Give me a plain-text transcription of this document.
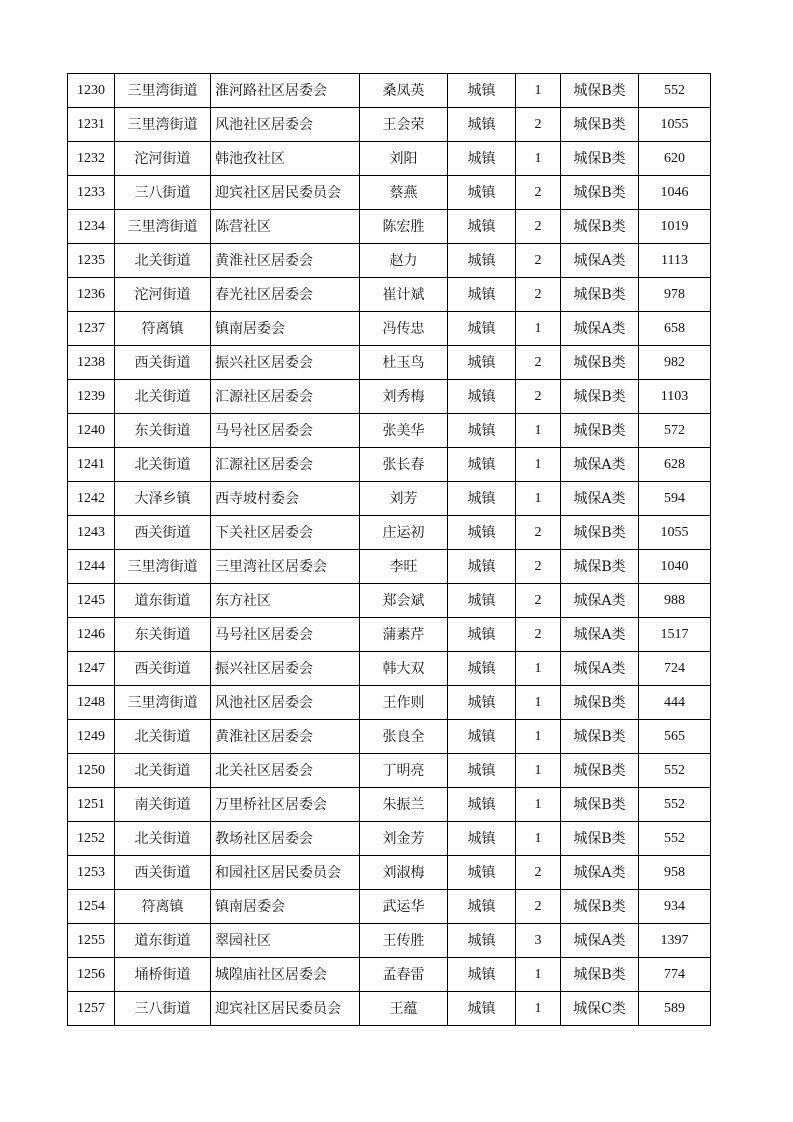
1230	三里湾街道	淮河路社区居委会	桑凤英	城镇	1	城保B类	552
1231	三里湾街道	风池社区居委会	王会荣	城镇	2	城保B类	1055
1232	沱河街道	韩池孜社区	刘阳	城镇	1	城保B类	620
1233	三八街道	迎宾社区居民委员会	蔡燕	城镇	2	城保B类	1046
1234	三里湾街道	陈营社区	陈宏胜	城镇	2	城保B类	1019
1235	北关街道	黄淮社区居委会	赵力	城镇	2	城保A类	1113
1236	沱河街道	春光社区居委会	崔计斌	城镇	2	城保B类	978
1237	符离镇	镇南居委会	冯传忠	城镇	1	城保A类	658
1238	西关街道	振兴社区居委会	杜玉鸟	城镇	2	城保B类	982
1239	北关街道	汇源社区居委会	刘秀梅	城镇	2	城保B类	1103
1240	东关街道	马号社区居委会	张美华	城镇	1	城保B类	572
1241	北关街道	汇源社区居委会	张长春	城镇	1	城保A类	628
1242	大泽乡镇	西寺坡村委会	刘芳	城镇	1	城保A类	594
1243	西关街道	下关社区居委会	庄运初	城镇	2	城保B类	1055
1244	三里湾街道	三里湾社区居委会	李旺	城镇	2	城保B类	1040
1245	道东街道	东方社区	郑会斌	城镇	2	城保A类	988
1246	东关街道	马号社区居委会	蒲素芹	城镇	2	城保A类	1517
1247	西关街道	振兴社区居委会	韩大双	城镇	1	城保A类	724
1248	三里湾街道	风池社区居委会	王作则	城镇	1	城保B类	444
1249	北关街道	黄淮社区居委会	张良全	城镇	1	城保B类	565
1250	北关街道	北关社区居委会	丁明亮	城镇	1	城保B类	552
1251	南关街道	万里桥社区居委会	朱振兰	城镇	1	城保B类	552
1252	北关街道	教场社区居委会	刘金芳	城镇	1	城保B类	552
1253	西关街道	和园社区居民委员会	刘淑梅	城镇	2	城保A类	958
1254	符离镇	镇南居委会	武运华	城镇	2	城保B类	934
1255	道东街道	翠园社区	王传胜	城镇	3	城保A类	1397
1256	埇桥街道	城隍庙社区居委会	孟春雷	城镇	1	城保B类	774
1257	三八街道	迎宾社区居民委员会	王蕴	城镇	1	城保C类	589
